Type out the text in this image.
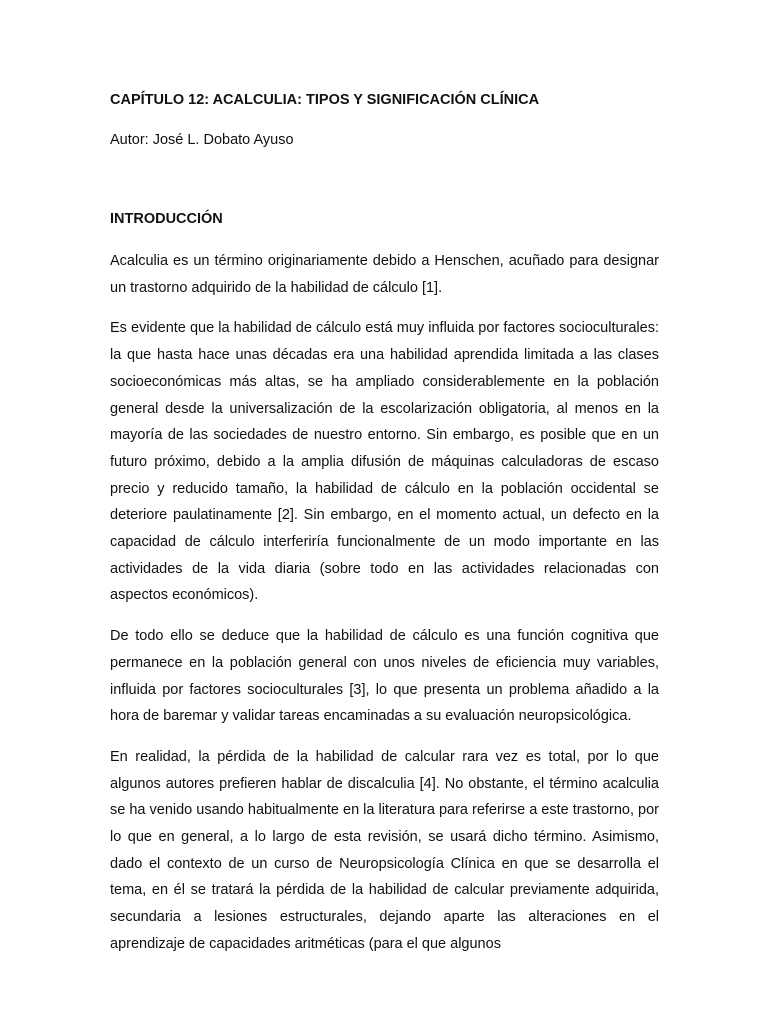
CAPÍTULO 12: ACALCULIA: TIPOS Y SIGNIFICACIÓN CLÍNICA

Autor: José L. Dobato Ayuso

INTRODUCCIÓN

Acalculia es un término originariamente debido a Henschen, acuñado para designar un trastorno adquirido de la habilidad de cálculo [1].

Es evidente que la habilidad de cálculo está muy influida por factores socioculturales: la que hasta hace unas décadas era una habilidad aprendida limitada a las clases socioeconómicas más altas, se ha ampliado considerablemente en la población general desde la universalización de la escolarización obligatoria, al menos en la mayoría de las sociedades de nuestro entorno. Sin embargo, es posible que en un futuro próximo, debido a la amplia difusión de máquinas calculadoras de escaso precio y reducido tamaño, la habilidad de cálculo en la población occidental se deteriore paulatinamente [2]. Sin embargo, en el momento actual, un defecto en la capacidad de cálculo interferiría funcionalmente de un modo importante en las actividades de la vida diaria (sobre todo en las actividades relacionadas con aspectos económicos).

De todo ello se deduce que la habilidad de cálculo es una función cognitiva que permanece en la población general con unos niveles de eficiencia muy variables, influida por factores socioculturales [3], lo que presenta un problema añadido a la hora de baremar y validar tareas encaminadas a su evaluación neuropsicológica.

En realidad, la pérdida de la habilidad de calcular rara vez es total, por lo que algunos autores prefieren hablar de discalculia [4]. No obstante, el término acalculia se ha venido usando habitualmente en la literatura para referirse a este trastorno, por lo que en general, a lo largo de esta revisión, se usará dicho término. Asimismo, dado el contexto de un curso de Neuropsicología Clínica en que se desarrolla el tema, en él se tratará la pérdida de la habilidad de calcular previamente adquirida, secundaria a lesiones estructurales, dejando aparte las alteraciones en el aprendizaje de capacidades aritméticas (para el que algunos
